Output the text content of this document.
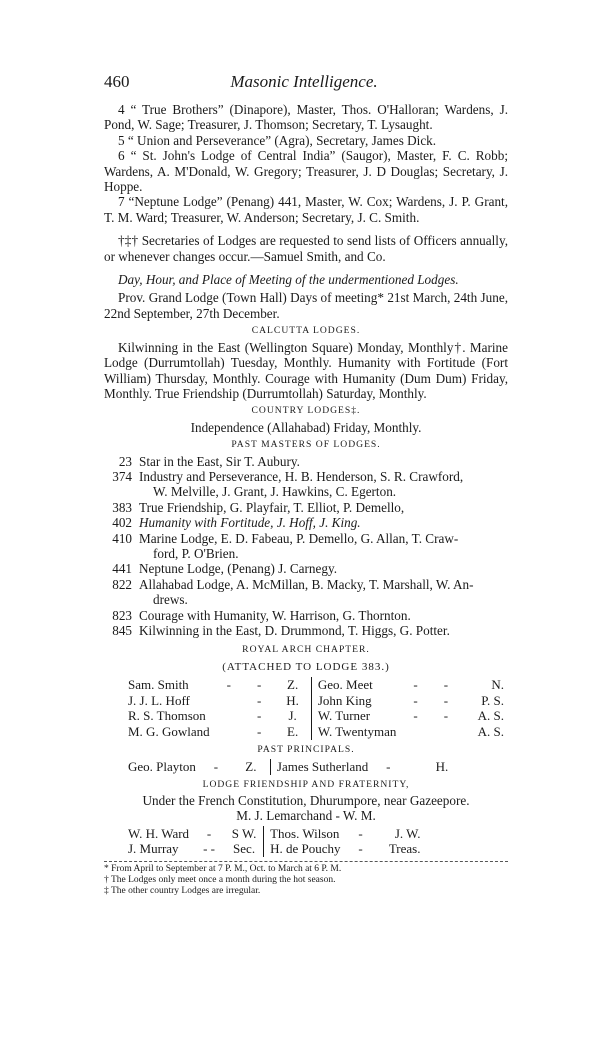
460	Masonic Intelligence.

4 “ True Brothers” (Dinapore), Master, Thos. O'Halloran; Wardens, J. Pond, W. Sage; Treasurer, J. Thomson; Secretary, T. Lysaught.

5 “ Union and Perseverance” (Agra), Secretary, James Dick.

6 “ St. John's Lodge of Central India” (Saugor), Master, F. C. Robb; Wardens, A. M'Donald, W. Gregory; Treasurer, J. D Douglas; Secretary, J. Hoppe.

7 “Neptune Lodge” (Penang) 441, Master, W. Cox; Wardens, J. P. Grant, T. M. Ward; Treasurer, W. Anderson; Secretary, J. C. Smith.

†‡† Secretaries of Lodges are requested to send lists of Officers annually, or whenever changes occur.—Samuel Smith, and Co.

Day, Hour, and Place of Meeting of the undermentioned Lodges.

Prov. Grand Lodge (Town Hall) Days of meeting* 21st March, 24th June, 22nd September, 27th December.

CALCUTTA LODGES.

Kilwinning in the East (Wellington Square) Monday, Monthly†. Marine Lodge (Durrumtollah) Tuesday, Monthly. Humanity with Fortitude (Fort William) Thursday, Monthly. Courage with Humanity (Dum Dum) Friday, Monthly. True Friendship (Durrumtollah) Saturday, Monthly.

COUNTRY LODGES‡.

Independence (Allahabad) Friday, Monthly.

PAST MASTERS OF LODGES.
23 Star in the East, Sir T. Aubury.
374 Industry and Perseverance, H. B. Henderson, S. R. Crawford,
W. Melville, J. Grant, J. Hawkins, C. Egerton.
383 True Friendship, G. Playfair, T. Elliot, P. Demello,
402 Humanity with Fortitude, J. Hoff, J. King.
410 Marine Lodge, E. D. Fabeau, P. Demello, G. Allan, T. Craw-
ford, P. O'Brien.
441 Neptune Lodge, (Penang) J. Carnegy.
822 Allahabad Lodge, A. McMillan, B. Macky, T. Marshall, W. An-
drews.
823 Courage with Humanity, W. Harrison, G. Thornton.
845 Kilwinning in the East, D. Drummond, T. Higgs, G. Potter.
ROYAL ARCH CHAPTER.
(ATTACHED TO LODGE 383.)
Sam. Smith	-	-	Z.	Geo. Meet	-	-	N.
J. J. L. Hoff		-	H.	John King	-	-	P. S.
R. S. Thomson		-	J.	W. Turner	-	-	A. S.
M. G. Gowland		-	E.	W. Twentyman			A. S.
PAST PRINCIPALS.
Geo. Playton	-	Z.	James Sutherland	-	H.
LODGE FRIENDSHIP AND FRATERNITY,

Under the French Constitution, Dhurumpore, near Gazeepore.

M. J. Lemarchand - W. M.

W. H. Ward	-	S W.	Thos. Wilson	-	J. W.
J. Murray	- -	Sec.	H. de Pouchy	-	Treas.

* From April to September at 7 P. M., Oct. to March at 6 P. M.

† The Lodges only meet once a month during the hot season.

‡ The other country Lodges are irregular.
